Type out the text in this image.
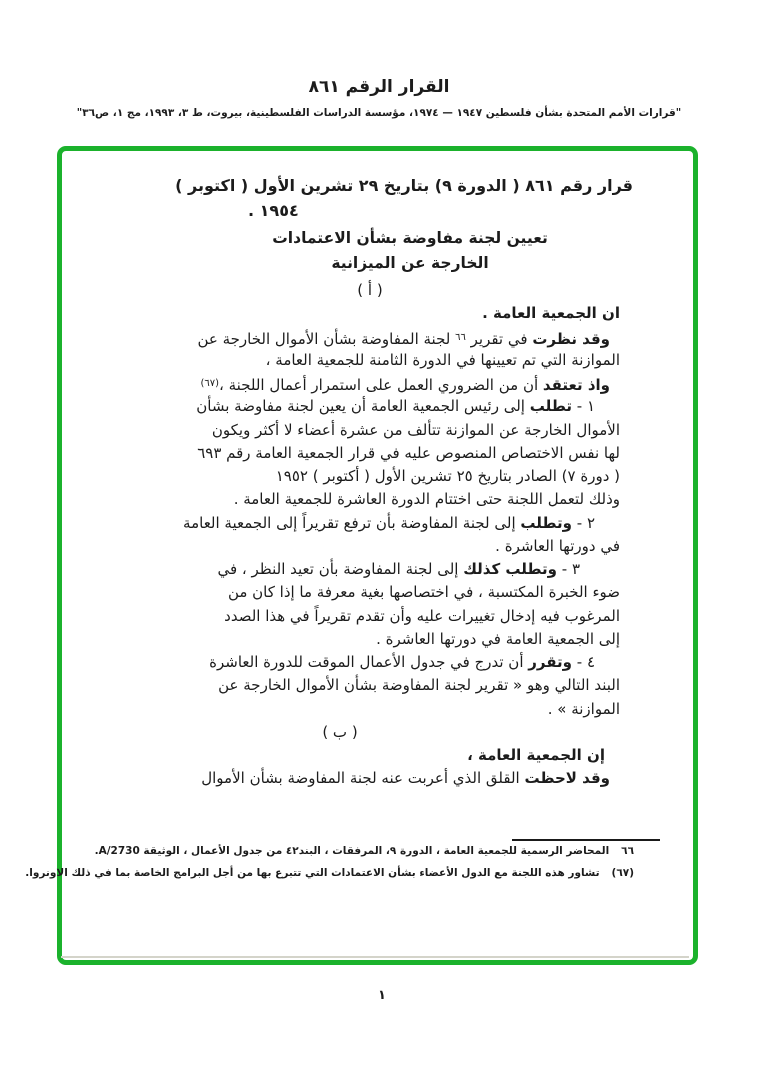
القرار الرقم ٨٦١
"قرارات الأمم المتحدة بشأن فلسطين ١٩٤٧ — ١٩٧٤، مؤسسة الدراسات الفلسطينية، بيروت، ط ٣، ١٩٩٣، مج ١، ص٣٦"
قرار رقم ٨٦١ ( الدورة ٩) بتاريخ ٢٩ تشرين الأول ( اكتوبر )
١٩٥٤ .
تعيين لجنة مفاوضة بشأن الاعتمادات
الخارجة عن الميزانية
( أ )
ان الجمعية العامة .
وقد نظرت في تقرير $^{٦٦}$ لجنة المفاوضة بشأن الأموال الخارجة عن
الموازنة التي تم تعيينها في الدورة الثامنة للجمعية العامة ،
واذ تعتقد أن من الضروري العمل على استمرار أعمال اللجنة ،$^{(٦٧)}$
١ - تطلب إلى رئيس الجمعية العامة أن يعين لجنة مفاوضة بشأن
الأموال الخارجة عن الموازنة تتألف من عشرة أعضاء لا أكثر ويكون
لها نفس الاختصاص المنصوص عليه في قرار الجمعية العامة رقم ٦٩٣
( دورة ٧) الصادر بتاريخ ٢٥ تشرين الأول ( أكتوبر ) ١٩٥٢
وذلك لتعمل اللجنة حتى اختتام الدورة العاشرة للجمعية العامة .
٢ - وتطلب إلى لجنة المفاوضة بأن ترفع تقريراً إلى الجمعية العامة
في دورتها العاشرة .
٣ - وتطلب كذلك إلى لجنة المفاوضة بأن تعيد النظر ، في
ضوء الخبرة المكتسبة ، في اختصاصها بغية معرفة ما إذا كان من
المرغوب فيه إدخال تغييرات عليه وأن تقدم تقريراً في هذا الصدد
إلى الجمعية العامة في دورتها العاشرة .
٤ - وتقرر أن تدرج في جدول الأعمال الموقت للدورة العاشرة
البند التالي وهو « تقرير لجنة المفاوضة بشأن الأموال الخارجة عن
الموازنة » .
( ب )
إن الجمعية العامة ،
وقد لاحظت القلق الذي أعربت عنه لجنة المفاوضة بشأن الأموال
٦٦المحاضر الرسمية للجمعية العامة ، الدورة ٩، المرفقات ، البند٤٢ من جدول الأعمال ، الوثيقة A/2730.
(٦٧)تشاور هذه اللجنة مع الدول الأعضاء بشأن الاعتمادات التي تتبرع بها من أجل البرامج الخاصة بما في ذلك الاونروا.
١
